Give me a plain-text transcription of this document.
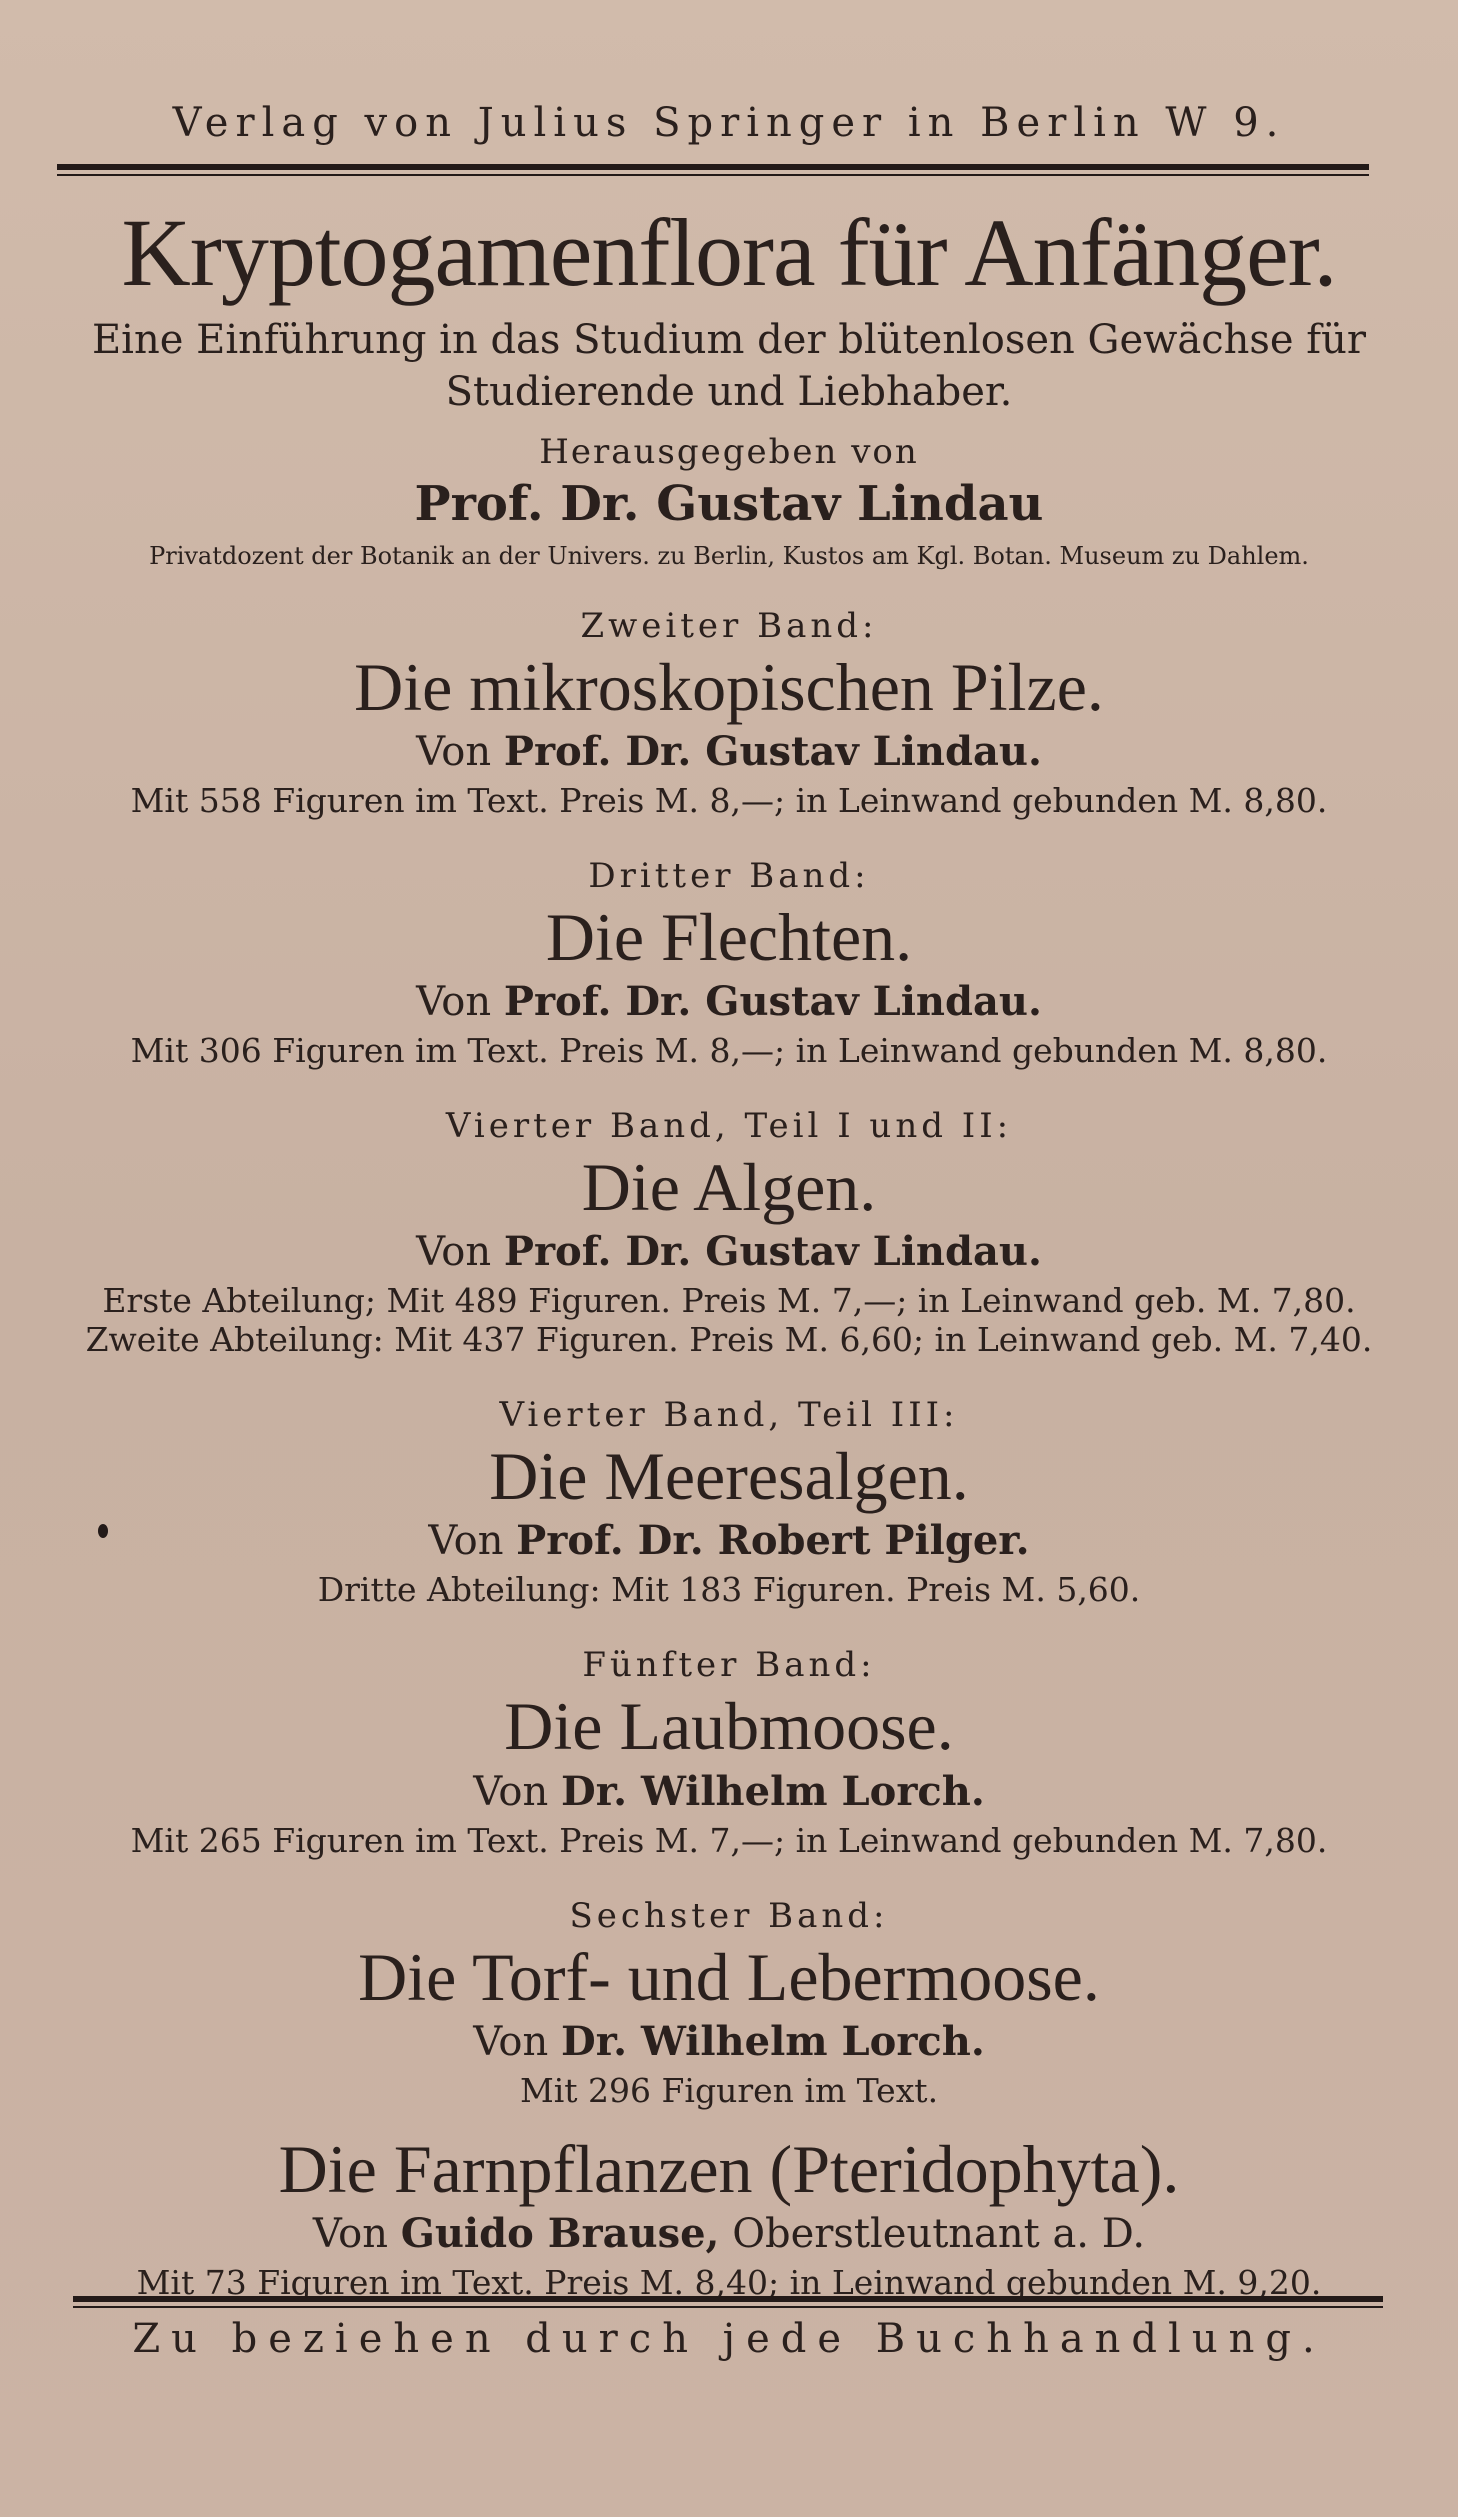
Verlag von Julius Springer in Berlin W 9.
Kryptogamenflora für Anfänger.
Eine Einführung in das Studium der blütenlosen Gewächse für Studierende und Liebhaber.
Herausgegeben von
Prof. Dr. Gustav Lindau
Privatdozent der Botanik an der Univers. zu Berlin, Kustos am Kgl. Botan. Museum zu Dahlem.
Zweiter Band:
Die mikroskopischen Pilze.
Von Prof. Dr. Gustav Lindau.
Mit 558 Figuren im Text. Preis M. 8,—; in Leinwand gebunden M. 8,80.
Dritter Band:
Die Flechten.
Von Prof. Dr. Gustav Lindau.
Mit 306 Figuren im Text. Preis M. 8,—; in Leinwand gebunden M. 8,80.
Vierter Band, Teil I und II:
Die Algen.
Von Prof. Dr. Gustav Lindau.
Erste Abteilung; Mit 489 Figuren. Preis M. 7,—; in Leinwand geb. M. 7,80.
Zweite Abteilung: Mit 437 Figuren. Preis M. 6,60; in Leinwand geb. M. 7,40.
Vierter Band, Teil III:
Die Meeresalgen.
Von Prof. Dr. Robert Pilger.
Dritte Abteilung: Mit 183 Figuren. Preis M. 5,60.
Fünfter Band:
Die Laubmoose.
Von Dr. Wilhelm Lorch.
Mit 265 Figuren im Text. Preis M. 7,—; in Leinwand gebunden M. 7,80.
Sechster Band:
Die Torf- und Lebermoose.
Von Dr. Wilhelm Lorch.
Mit 296 Figuren im Text.
Die Farnpflanzen (Pteridophyta).
Von Guido Brause, Oberstleutnant a. D.
Mit 73 Figuren im Text. Preis M. 8,40; in Leinwand gebunden M. 9,20.
Zu beziehen durch jede Buchhandlung.
